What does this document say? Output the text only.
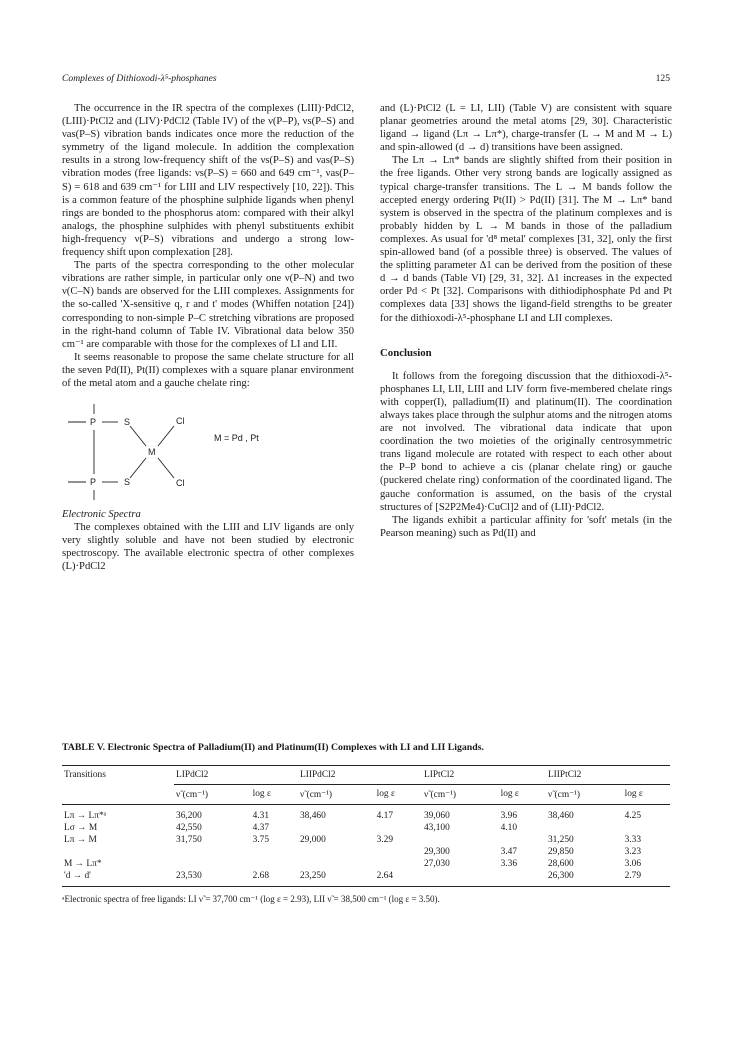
Complexes of Dithioxodi-λ⁵-phosphanes	125

The occurrence in the IR spectra of the complexes (LIII)·PdCl2, (LIII)·PtCl2 and (LIV)·PdCl2 (Table IV) of the ν(P–P), νs(P–S) and νas(P–S) vibration bands indicates once more the reduction of the symmetry of the ligand molecule. In addition the complexation results in a strong low-frequency shift of the νs(P–S) and νas(P–S) vibration modes (free ligands: νs(P–S) = 660 and 649 cm⁻¹, νas(P–S) = 618 and 639 cm⁻¹ for LIII and LIV respectively [10, 22]). This is a common feature of the phosphine sulphide ligands when phenyl rings are bonded to the phosphorus atom: compared with their alkyl analogs, the phosphine sulphides with phenyl substituents exhibit high-frequency ν(P–S) vibrations and undergo a strong low-frequency shift upon complexation [28].

The parts of the spectra corresponding to the other molecular vibrations are rather simple, in particular only one ν(P–N) and two ν(C–N) bands are observed for the LIII complexes. Assignments for the so-called 'X-sensitive q, r and t' modes (Whiffen notation [24]) corresponding to non-simple P–C stretching vibrations are proposed in the right-hand column of Table IV. Vibrational data below 350 cm⁻¹ are comparable with those for the complexes of LI and LII.

It seems reasonable to propose the same chelate structure for all the seven Pd(II), Pt(II) complexes with a square planar environment of the metal atom and a gauche chelate ring:

P	S	Cl
M
P	S	Cl
M = Pd , Pt

Electronic Spectra

The complexes obtained with the LIII and LIV ligands are only very slightly soluble and have not been studied by electronic spectroscopy. The available electronic spectra of other complexes (L)·PdCl2

and (L)·PtCl2 (L = LI, LII) (Table V) are consistent with square planar geometries around the metal atoms [29, 30]. Characteristic ligand → ligand (Lπ → Lπ*), charge-transfer (L → M and M → L) and spin-allowed (d → d) transitions have been assigned.

The Lπ → Lπ* bands are slightly shifted from their position in the free ligands. Other very strong bands are logically assigned as typical charge-transfer transitions. The L → M bands follow the accepted energy ordering Pt(II) > Pd(II) [31]. The M → Lπ* band system is observed in the spectra of the platinum complexes and is probably hidden by L → M bands in those of the palladium complexes. As usual for 'd⁸ metal' complexes [31, 32], only the first spin-allowed band (of a possible three) is observed. The values of the splitting parameter Δ1 can be derived from the position of these d → d bands (Table VI) [29, 31, 32]. Δ1 increases in the expected order Pd < Pt [32]. Comparisons with dithiodiphosphate Pd and Pt complexes data [33] shows the ligand-field strengths to be greater for the dithioxodi-λ⁵-phosphane LI and LII complexes.

Conclusion

It follows from the foregoing discussion that the dithioxodi-λ⁵-phosphanes LI, LII, LIII and LIV form five-membered chelate rings with copper(I), palladium(II) and platinum(II). The coordination always takes place through the sulphur atoms and the nitrogen atoms are not involved. The vibrational data indicate that upon coordination the two moieties of the originally centrosymmetric trans ligand molecule are rotated with respect to each other about the P–P bond to achieve a cis (planar chelate ring) or gauche (puckered chelate ring) conformation of the coordinated ligand. The gauche conformation is assumed, on the basis of the crystal structures of [S2P2Me4)·CuCl]2 and of (LII)·PdCl2.

The ligands exhibit a particular affinity for 'soft' metals (in the Pearson meaning) such as Pd(II) and

TABLE V. Electronic Spectra of Palladium(II) and Platinum(II) Complexes with LI and LII Ligands.
Transitions	LIPdCl2		LIIPdCl2		LIPtCl2		LIIPtCl2	
	ν̃ (cm⁻¹)	log ε	ν̃ (cm⁻¹)	log ε	ν̃ (cm⁻¹)	log ε	ν̃ (cm⁻¹)	log ε
Lπ → Lπ*ᵃ	36,200	4.31	38,460	4.17	39,060	3.96	38,460	4.25
Lσ → M	42,550	4.37			43,100	4.10		
Lπ → M	31,750	3.75	29,000	3.29			31,250	3.33
					29,300	3.47	29,850	3.23
M → Lπ*					27,030	3.36	28,600	3.06
'd → d'	23,530	2.68	23,250	2.64			26,300	2.79
ᵃElectronic spectra of free ligands: LI ν̃ = 37,700 cm⁻¹ (log ε = 2.93), LII ν̃ = 38,500 cm⁻¹ (log ε = 3.50).
